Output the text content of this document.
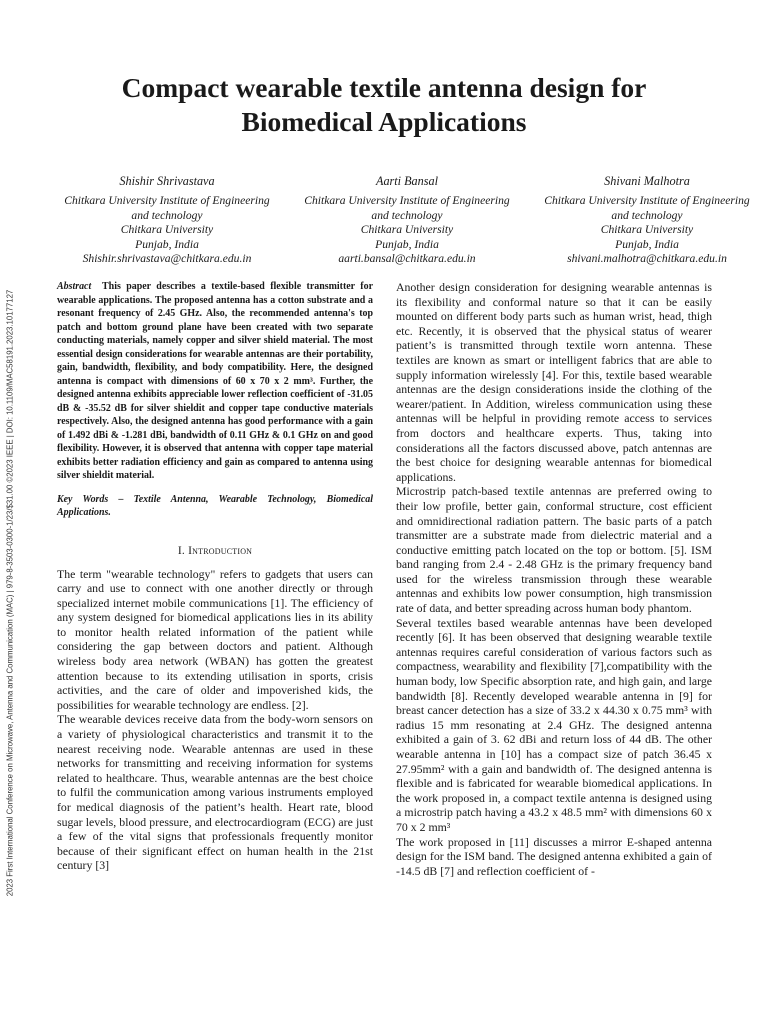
2023 First International Conference on Microwave, Antenna and Communication (MAC) | 979-8-3503-0300-1/23/$31.00 ©2023 IEEE | DOI: 10.1109/MAC58191.2023.10177127
Compact wearable textile antenna design for Biomedical Applications
Shishir Shrivastava
Chitkara University Institute of Engineering
and technology
Chitkara University
Punjab, India
Shishir.shrivastava@chitkara.edu.in
Aarti Bansal
Chitkara University Institute of Engineering
and technology
Chitkara University
Punjab, India
aarti.bansal@chitkara.edu.in
Shivani Malhotra
Chitkara University Institute of Engineering
and technology
Chitkara University
Punjab, India
shivani.malhotra@chitkara.edu.in

Abstract This paper describes a textile-based flexible transmitter for wearable applications. The proposed antenna has a cotton substrate and a resonant frequency of 2.45 GHz. Also, the recommended antenna's top patch and bottom ground plane have been created with two separate conducting materials, namely copper and silver shield material. The most essential design considerations for wearable antennas are their portability, gain, bandwidth, flexibility, and body compatibility. Here, the designed antenna is compact with dimensions of 60 x 70 x 2 mm³. Further, the designed antenna exhibits appreciable lower reflection coefficient of -31.05 dB & -35.52 dB for silver shieldit and copper tape conductive materials respectively. Also, the designed antenna has good performance with a gain of 1.492 dBi & -1.281 dBi, bandwidth of 0.11 GHz & 0.1 GHz on and good flexibility. However, it is observed that antenna with copper tape material exhibits better radiation efficiency and gain as compared to antenna using silver shieldit material.

Key Words – Textile Antenna, Wearable Technology, Biomedical Applications.

I. Introduction

The term "wearable technology" refers to gadgets that users can carry and use to connect with one another directly or through specialized internet mobile communications [1]. The efficiency of any system designed for biomedical applications lies in its ability to monitor health related information of the patient while considering the gap between doctors and patient. Although wireless body area network (WBAN) has gotten the greatest attention because to its extending utilisation in sports, crisis activities, and the care of older and impoverished kids, the possibilities for wearable technology are endless. [2].

The wearable devices receive data from the body-worn sensors on a variety of physiological characteristics and transmit it to the nearest receiving node. Wearable antennas are used in these networks for transmitting and receiving information for systems related to healthcare. Thus, wearable antennas are the best choice to fulfil the communication among various instruments employed for medical diagnosis of the patient’s health. Heart rate, blood sugar levels, blood pressure, and electrocardiogram (ECG) are just a few of the vital signs that professionals frequently monitor because of their significant effect on human health in the 21st century [3]

Another design consideration for designing wearable antennas is its flexibility and conformal nature so that it can be easily mounted on different body parts such as human wrist, head, thigh etc. Recently, it is observed that the physical status of wearer patient’s is transmitted through textile worn antenna. These textiles are known as smart or intelligent fabrics that are able to supply information wirelessly [4]. For this, textile based wearable antennas are the design considerations inside the clothing of the wearer/patient. In Addition, wireless communication using these antennas will be helpful in providing remote access to services from doctors and healthcare experts. Thus, taking into considerations all the factors discussed above, patch antennas are the best choice for designing wearable antennas for biomedical applications.

Microstrip patch-based textile antennas are preferred owing to their low profile, better gain, conformal structure, cost efficient and omnidirectional radiation pattern. The basic parts of a patch transmitter are a substrate made from dielectric material and a conductive emitting patch located on the top or bottom. [5]. ISM band ranging from 2.4 - 2.48 GHz is the primary frequency band used for the wireless transmission through these wearable antennas and exhibits low power consumption, high transmission rate of data, and better spreading across human body phantom.

Several textiles based wearable antennas have been developed recently [6]. It has been observed that designing wearable textile antennas requires careful consideration of various factors such as compactness, wearability and flexibility [7],compatibility with the human body, low Specific absorption rate, and high gain, and large bandwidth [8]. Recently developed wearable antenna in [9] for breast cancer detection has a size of 33.2 x 44.30 x 0.75 mm³ with radius 15 mm resonating at 2.4 GHz. The designed antenna exhibited a gain of 3. 62 dBi and return loss of 44 dB. The other wearable antenna in [10] has a compact size of patch 36.45 x 27.95mm² with a gain and bandwidth of. The designed antenna is flexible and is fabricated for wearable biomedical applications. In the work proposed in, a compact textile antenna is designed using a microstrip patch having a 43.2 x 48.5 mm² with dimensions 60 x 70 x 2 mm³

The work proposed in [11] discusses a mirror E-shaped antenna design for the ISM band. The designed antenna exhibited a gain of -14.5 dB [7] and reflection coefficient of -
